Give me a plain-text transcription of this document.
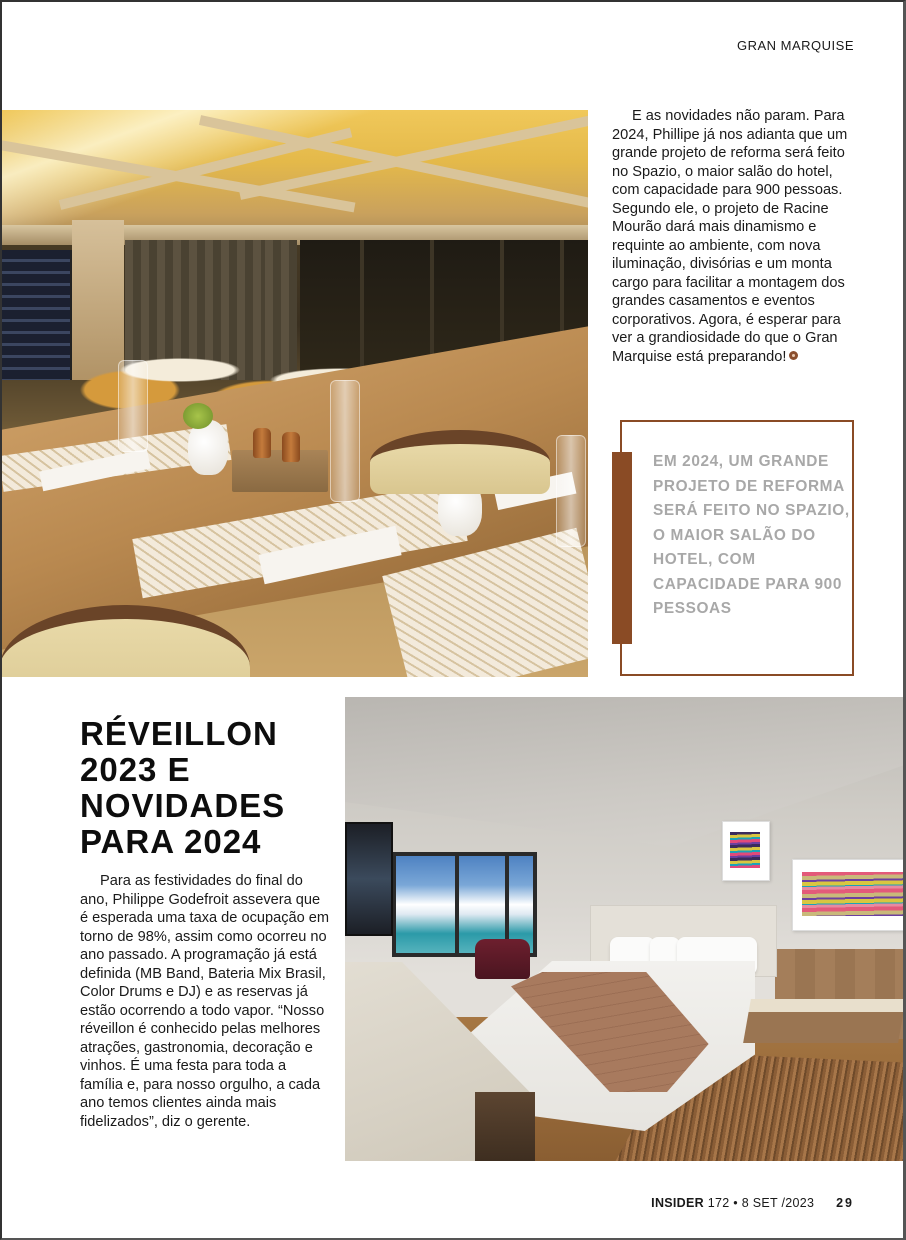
GRAN MARQUISE

E as novidades não param. Para 2024, Phillipe já nos adianta que um grande projeto de reforma será feito no Spazio, o maior salão do hotel, com capacidade para 900 pessoas. Segundo ele, o projeto de Racine Mourão dará mais dinamismo e requinte ao ambiente, com nova iluminação, divisórias e um monta cargo para facilitar a montagem dos grandes casamentos e eventos corporativos. Agora, é esperar para ver a grandiosidade do que o Gran Marquise está preparando!

EM 2024, UM GRANDE PROJETO DE REFORMA SERÁ FEITO NO SPAZIO, O MAIOR SALÃO DO HOTEL, COM CAPACIDADE PARA 900 PESSOAS

RÉVEILLON 2023 E NOVIDADES PARA 2024

Para as festividades do final do ano, Philippe Godefroit assevera que é esperada uma taxa de ocupação em torno de 98%, assim como ocorreu no ano passado. A programação já está definida (MB Band, Bateria Mix Brasil, Color Drums e DJ) e as reservas já estão ocorrendo a todo vapor. “Nosso réveillon é conhecido pelas melhores atrações, gastronomia, decoração e vinhos. É uma festa para toda a família e, para nosso orgulho, a cada ano temos clientes ainda mais fidelizados”, diz o gerente.

INSIDER 172 • 8 SET /2023 29
